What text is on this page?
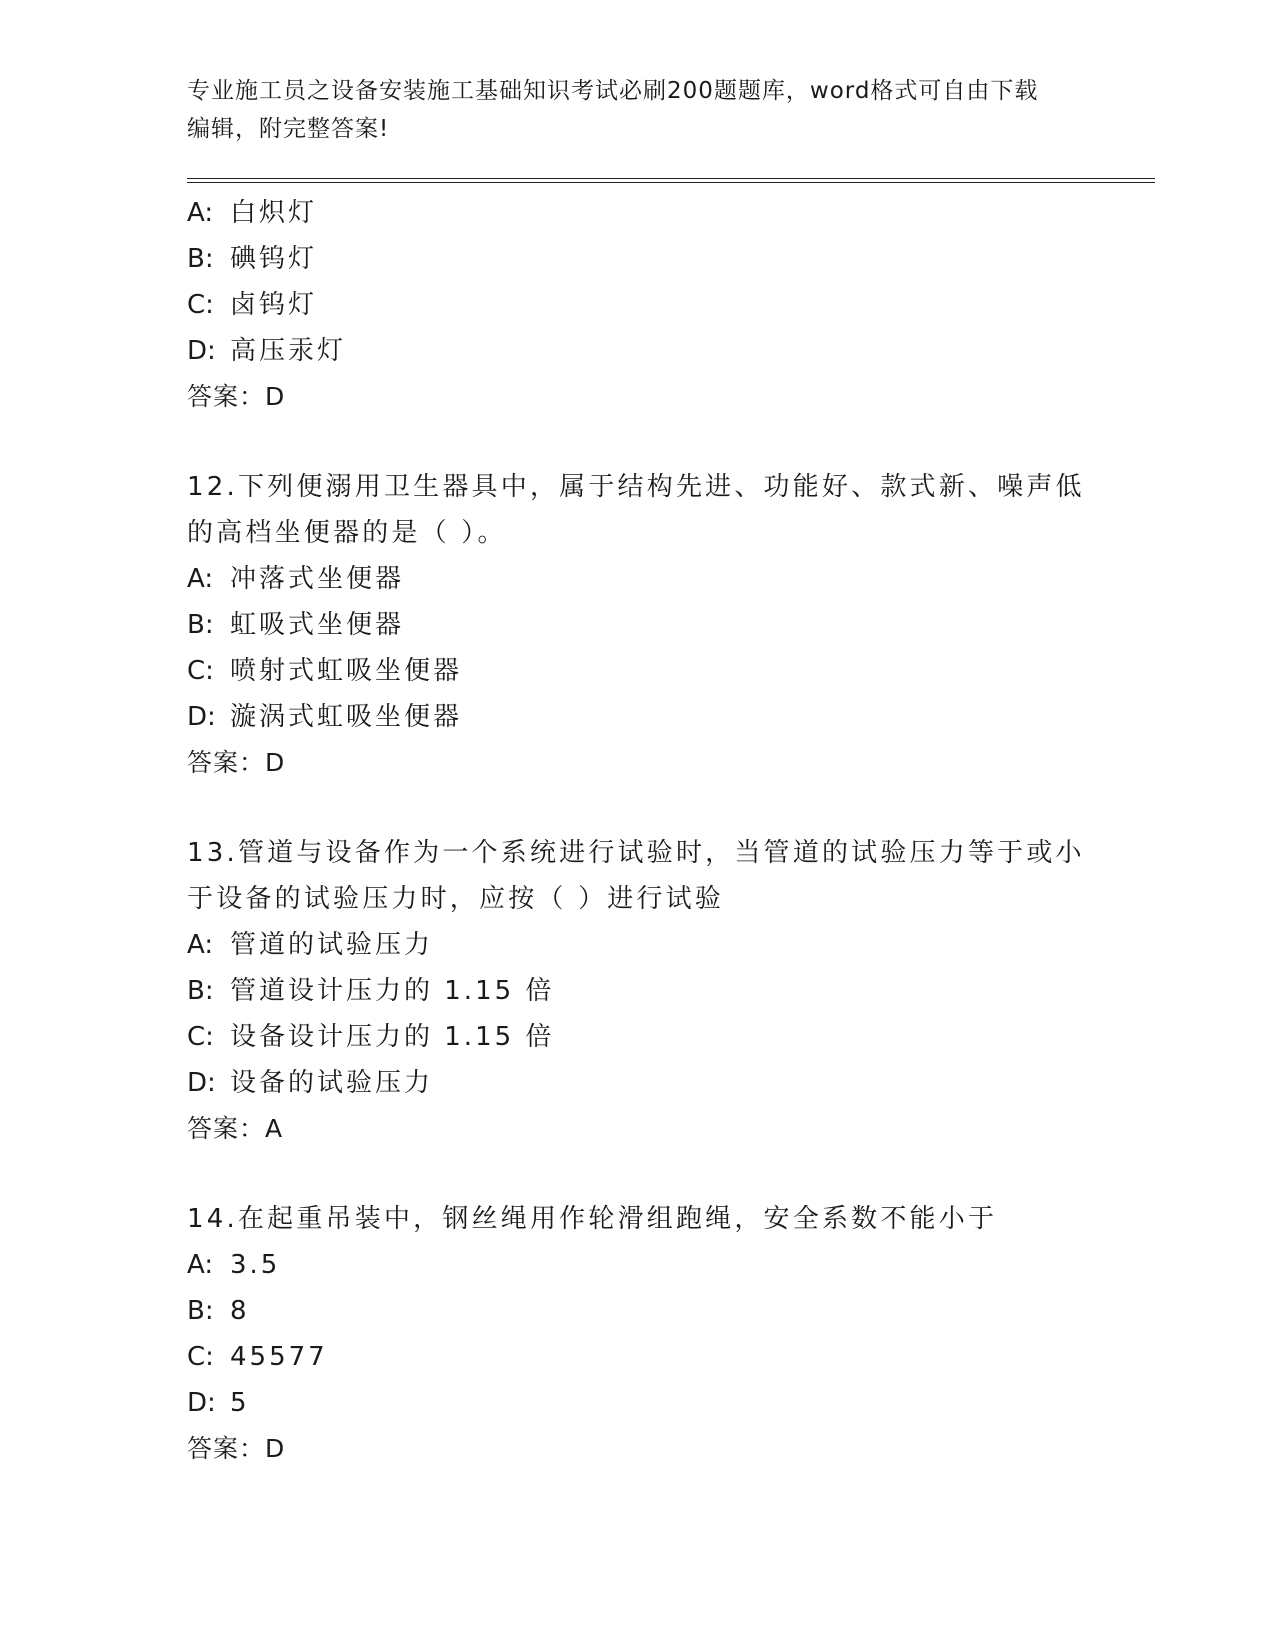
专业施工员之设备安装施工基础知识考试必刷200题题库，word格式可自由下载
编辑，附完整答案!
A: 白炽灯
B: 碘钨灯
C: 卤钨灯
D: 高压汞灯
答案：D
12.下列便溺用卫生器具中，属于结构先进、功能好、款式新、噪声低
的高档坐便器的是（ ）。
A: 冲落式坐便器
B: 虹吸式坐便器
C: 喷射式虹吸坐便器
D: 漩涡式虹吸坐便器
答案：D
13.管道与设备作为一个系统进行试验时，当管道的试验压力等于或小
于设备的试验压力时，应按（ ）进行试验
A: 管道的试验压力
B: 管道设计压力的 1.15 倍
C: 设备设计压力的 1.15 倍
D: 设备的试验压力
答案：A
14.在起重吊装中，钢丝绳用作轮滑组跑绳，安全系数不能小于
A: 3.5
B: 8
C: 45577
D: 5
答案：D
